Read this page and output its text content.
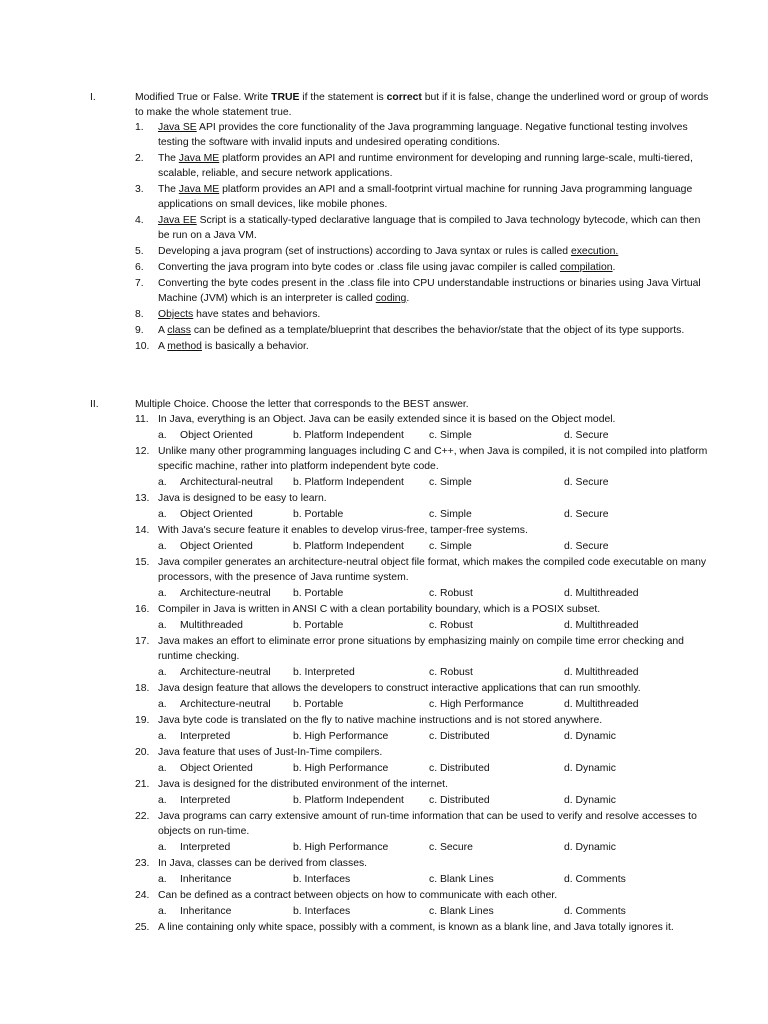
I.	Modified True or False. Write TRUE if the statement is correct but if it is false, change the underlined word or group of words to make the whole statement true.
1. Java SE API provides the core functionality of the Java programming language. Negative functional testing involves testing the software with invalid inputs and undesired operating conditions.
2. The Java ME platform provides an API and runtime environment for developing and running large-scale, multi-tiered, scalable, reliable, and secure network applications.
3. The Java ME platform provides an API and a small-footprint virtual machine for running Java programming language applications on small devices, like mobile phones.
4. Java EE Script is a statically-typed declarative language that is compiled to Java technology bytecode, which can then be run on a Java VM.
5. Developing a java program (set of instructions) according to Java syntax or rules is called execution.
6. Converting the java program into byte codes or .class file using javac compiler is called compilation.
7. Converting the byte codes present in the .class file into CPU understandable instructions or binaries using Java Virtual Machine (JVM) which is an interpreter is called coding.
8. Objects have states and behaviors.
9. A class can be defined as a template/blueprint that describes the behavior/state that the object of its type supports.
10. A method is basically a behavior.
II.	Multiple Choice. Choose the letter that corresponds to the BEST answer.
11. In Java, everything is an Object. Java can be easily extended since it is based on the Object model.
a. Object Oriented	b. Platform Independent c. Simple	d. Secure
12. Unlike many other programming languages including C and C++, when Java is compiled, it is not compiled into platform specific machine, rather into platform independent byte code.
a. Architectural-neutral b. Platform Independent c. Simple	d. Secure
13. Java is designed to be easy to learn.
a. Object Oriented	b. Portable	c. Simple	d. Secure
14. With Java's secure feature it enables to develop virus-free, tamper-free systems.
a. Object Oriented	b. Platform Independent c. Simple	d. Secure
15. Java compiler generates an architecture-neutral object file format, which makes the compiled code executable on many processors, with the presence of Java runtime system.
a. Architecture-neutral b. Portable	c. Robust	d. Multithreaded
16. Compiler in Java is written in ANSI C with a clean portability boundary, which is a POSIX subset.
a. Multithreaded	b. Portable	c. Robust	d. Multithreaded
17. Java makes an effort to eliminate error prone situations by emphasizing mainly on compile time error checking and runtime checking.
a. Architecture-neutral b. Interpreted	c. Robust	d. Multithreaded
18. Java design feature that allows the developers to construct interactive applications that can run smoothly.
a. Architecture-neutral b. Portable	c. High Performance	d. Multithreaded
19. Java byte code is translated on the fly to native machine instructions and is not stored anywhere.
a. Interpreted	b. High Performance	c. Distributed	d. Dynamic
20. Java feature that uses of Just-In-Time compilers.
a. Object Oriented	b. High Performance	c. Distributed	d. Dynamic
21. Java is designed for the distributed environment of the internet.
a. Interpreted	b. Platform Independent c. Distributed	d. Dynamic
22. Java programs can carry extensive amount of run-time information that can be used to verify and resolve accesses to objects on run-time.
a. Interpreted	b. High Performance	c. Secure	d. Dynamic
23. In Java, classes can be derived from classes.
a. Inheritance	b. Interfaces	c. Blank Lines	d. Comments
24. Can be defined as a contract between objects on how to communicate with each other.
a. Inheritance	b. Interfaces	c. Blank Lines	d. Comments
25. A line containing only white space, possibly with a comment, is known as a blank line, and Java totally ignores it.
